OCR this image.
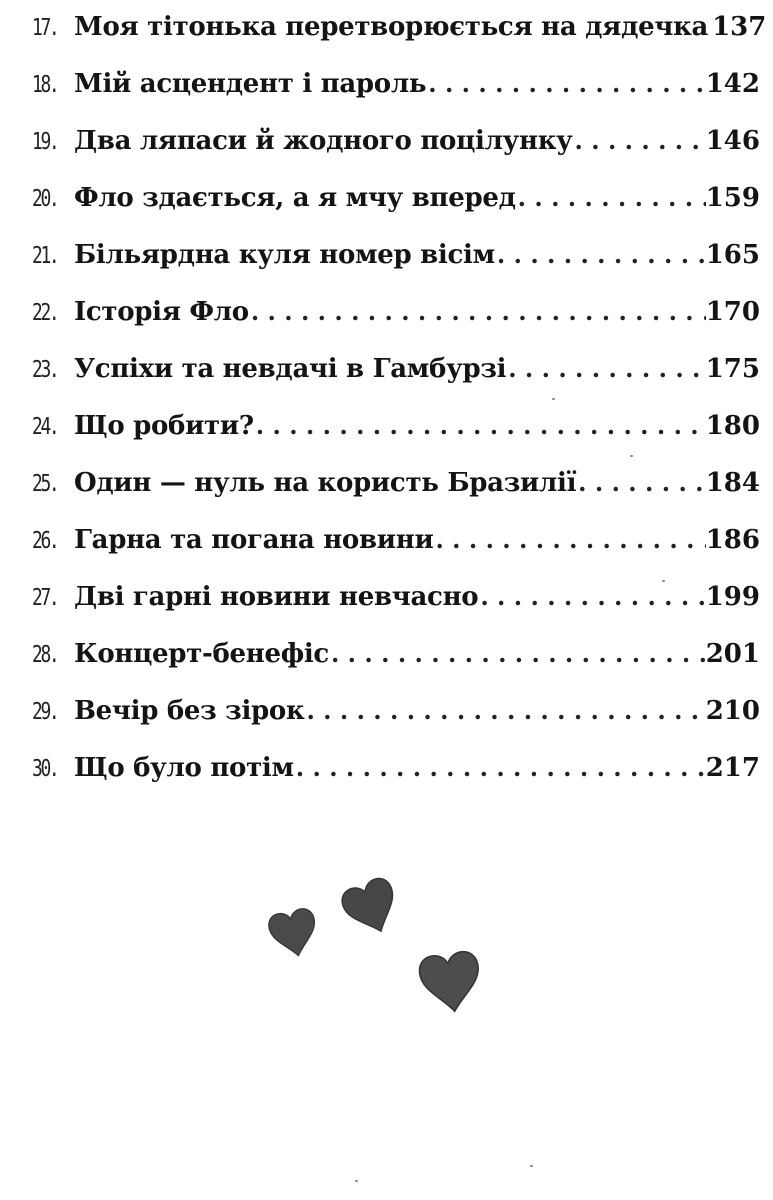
17. Моя тітонька перетворюється на дядечка . . . 137
18. Мій асцендент і пароль . . .	142
19. Два ляпаси й жодного поцілунку . . .	146
20. Фло здається, а я мчу вперед . . .	159
21. Більярдна куля номер вісім . . .	165
22. Історія Фло . . .	170
23. Успіхи та невдачі в Гамбурзі . . .	175
24. Що робити? . . .	180
25. Один — нуль на користь Бразилії . . .	184
26. Гарна та погана новини . . .	186
27. Дві гарні новини невчасно . . .	199
28. Концерт-бенефіс . . .	201
29. Вечір без зірок . . .	210
30. Що було потім . . .	217
